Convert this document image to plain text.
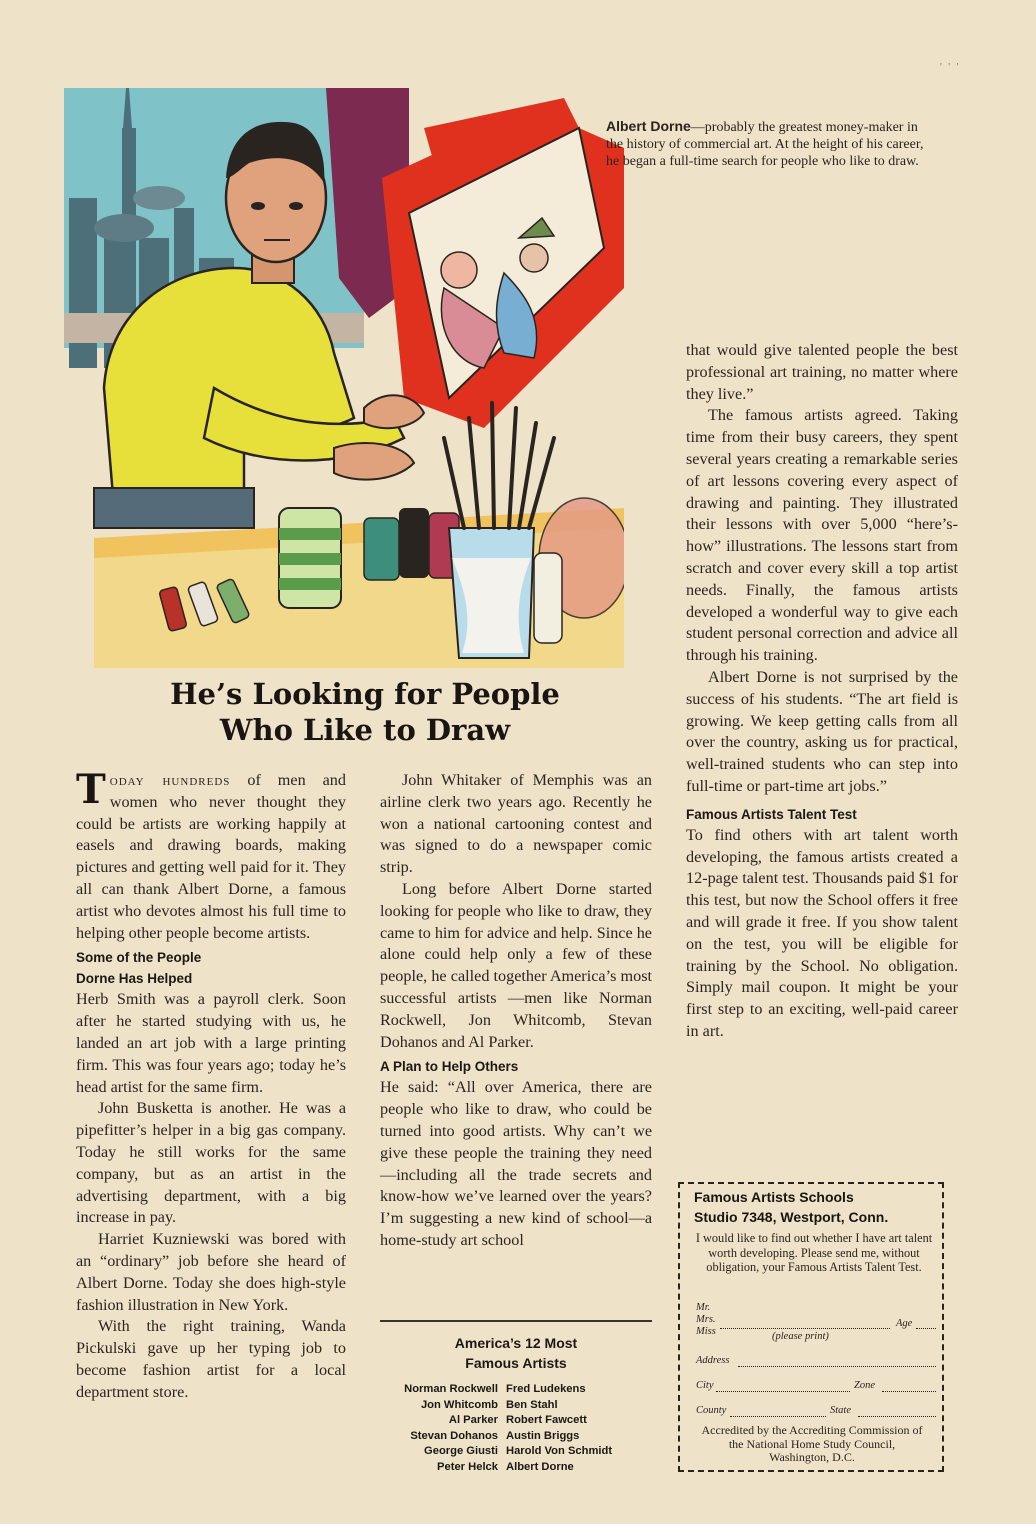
' ' '
Albert Dorne—probably the greatest money-maker in the history of commercial art. At the height of his career, he began a full-time search for people who like to draw.
He’s Looking for People
Who Like to Draw

Today hundreds of men and women who never thought they could be artists are working happily at easels and drawing boards, making pictures and getting well paid for it. They all can thank Albert Dorne, a famous artist who devotes almost his full time to helping other people become artists.

Some of the People
Dorne Has Helped

Herb Smith was a payroll clerk. Soon after he started studying with us, he landed an art job with a large printing firm. This was four years ago; today he’s head artist for the same firm.

John Busketta is another. He was a pipefitter’s helper in a big gas company. Today he still works for the same company, but as an artist in the advertising department, with a big increase in pay.

Harriet Kuzniewski was bored with an “ordinary” job before she heard of Albert Dorne. Today she does high-style fashion illustration in New York.

With the right training, Wanda Pickulski gave up her typing job to become fashion artist for a local department store.

John Whitaker of Memphis was an airline clerk two years ago. Recently he won a national cartooning contest and was signed to do a newspaper comic strip.

Long before Albert Dorne started looking for people who like to draw, they came to him for advice and help. Since he alone could help only a few of these people, he called together America’s most successful artists —men like Norman Rockwell, Jon Whitcomb, Stevan Dohanos and Al Parker.

A Plan to Help Others

He said: “All over America, there are people who like to draw, who could be turned into good artists. Why can’t we give these people the training they need—including all the trade secrets and know-how we’ve learned over the years? I’m suggesting a new kind of school—a home-study art school

America’s 12 Most
Famous Artists
Norman Rockwell Fred Ludekens
Jon Whitcomb Ben Stahl
Al Parker Robert Fawcett
Stevan Dohanos Austin Briggs
George Giusti Harold Von Schmidt
Peter Helck Albert Dorne

that would give talented people the best professional art training, no matter where they live.”

The famous artists agreed. Taking time from their busy careers, they spent several years creating a remarkable series of art lessons covering every aspect of drawing and painting. They illustrated their lessons with over 5,000 “here’s-how” illustrations. The lessons start from scratch and cover every skill a top artist needs. Finally, the famous artists developed a wonderful way to give each student personal correction and advice all through his training.

Albert Dorne is not surprised by the success of his students. “The art field is growing. We keep getting calls from all over the country, asking us for practical, well-trained students who can step into full-time or part-time art jobs.”

Famous Artists Talent Test

To find others with art talent worth developing, the famous artists created a 12-page talent test. Thousands paid $1 for this test, but now the School offers it free and will grade it free. If you show talent on the test, you will be eligible for training by the School. No obligation. Simply mail coupon. It might be your first step to an exciting, well-paid career in art.

Famous Artists Schools
Studio 7348, Westport, Conn.
I would like to find out whether I have art talent worth developing. Please send me, without obligation, your Famous Artists Talent Test.
Mr.
Mrs.
Miss
Age
(please print)
Address
City	Zone
County	State
Accredited by the Accrediting Commission of the National Home Study Council, Washington, D.C.
